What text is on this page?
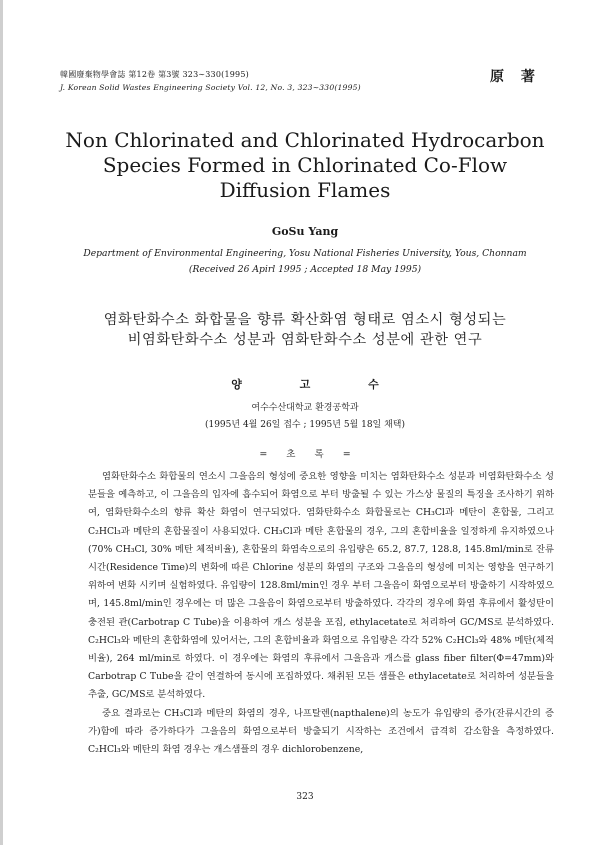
韓國廢棄物學會誌 第12卷 第3號 323∼330(1995)
J. Korean Solid Wastes Engineering Society Vol. 12, No. 3, 323∼330(1995)
原 著
Non Chlorinated and Chlorinated Hydrocarbon
Species Formed in Chlorinated Co-Flow
Diffusion Flames
GoSu Yang
Department of Environmental Engineering, Yosu National Fisheries University, Yous, Chonnam
(Received 26 Apirl 1995 ; Accepted 18 May 1995)
염화탄화수소 화합물을 향류 확산화염 형태로 염소시 형성되는
비염화탄화수소 성분과 염화탄화수소 성분에 관한 연구
양 고 수
여수수산대학교 환경공학과
(1995년 4월 26일 접수 ; 1995년 5월 18일 채택)
= 초 록 =

염화탄화수소 화합물의 연소시 그을음의 형성에 중요한 영향을 미치는 염화탄화수소 성분과 비염화탄화수소 성분들을 예측하고, 이 그을음의 입자에 흡수되어 화염으로 부터 방출될 수 있는 가스상 물질의 특징을 조사하기 위하여, 염화탄화수소의 향류 확산 화염이 연구되었다. 염화탄화수소 화합물로는 CH₃Cl과 메탄이 혼합물, 그리고 C₂HCl₃과 메탄의 혼합물질이 사용되었다. CH₃Cl과 메탄 혼합물의 경우, 그의 혼합비율을 일정하게 유지하였으나(70% CH₃Cl, 30% 메탄 체적비율), 혼합물의 화염속으로의 유입량은 65.2, 87.7, 128.8, 145.8ml/min로 잔류시간(Residence Time)의 변화에 따른 Chlorine 성분의 화염의 구조와 그을음의 형성에 미치는 영향을 연구하기 위하여 변화 시키며 실험하였다. 유입량이 128.8ml/min인 경우 부터 그을음이 화염으로부터 방출하기 시작하였으며, 145.8ml/min인 경우에는 더 많은 그을음이 화염으로부터 방출하였다. 각각의 경우에 화염 후류에서 활성탄이 충전된 관(Carbotrap C Tube)을 이용하여 개스 성분을 포집, ethylacetate로 처리하여 GC/MS로 분석하였다. C₂HCl₃와 메탄의 혼합화염에 있어서는, 그의 혼합비율과 화염으로 유입량은 각각 52% C₂HCl₃와 48% 메탄(체적비율), 264 ml/min로 하였다. 이 경우에는 화염의 후류에서 그을음과 개스를 glass fiber filter(Φ=47mm)와 Carbotrap C Tube을 같이 연결하여 동시에 포집하였다. 채취된 모든 샘플은 ethylacetate로 처리하여 성분들을 추출, GC/MS로 분석하였다.

중요 결과로는 CH₃Cl과 메탄의 화염의 경우, 나프탈렌(napthalene)의 농도가 유입량의 증가(잔류시간의 증가)함에 따라 증가하다가 그을음의 화염으로부터 방출되기 시작하는 조건에서 급격히 감소함을 측정하였다. C₂HCl₃와 메탄의 화염 경우는 개스샘플의 경우 dichlorobenzene,

323
